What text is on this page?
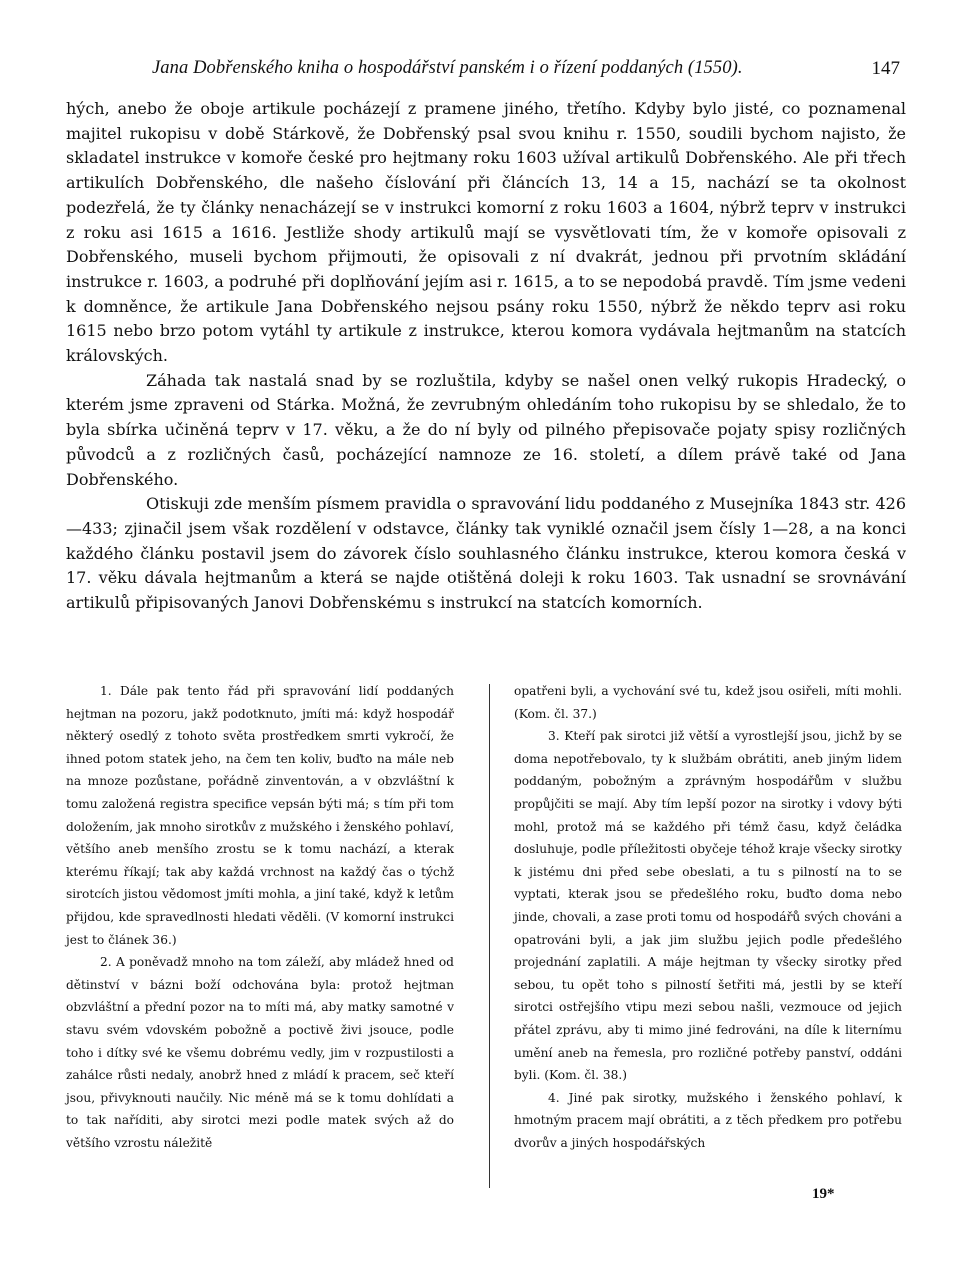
Jana Dobřenského kniha o hospodářství panském i o řízení poddaných (1550).	147

hých, anebo že oboje artikule pocházejí z pramene jiného, třetího. Kdyby bylo jisté, co poznamenal majitel rukopisu v době Stárkově, že Dobřenský psal svou knihu r. 1550, soudili bychom najisto, že skladatel instrukce v komoře české pro hejtmany roku 1603 užíval artikulů Dobřenského. Ale při třech artikulích Dobřenského, dle našeho číslování při článcích 13, 14 a 15, nachází se ta okolnost podezřelá, že ty články nenacházejí se v instrukci komorní z roku 1603 a 1604, nýbrž teprv v instrukci z roku asi 1615 a 1616. Jestliže shody artikulů mají se vysvětlovati tím, že v komoře opisovali z Dobřenského, museli bychom přijmouti, že opisovali z ní dvakrát, jednou při prvotním skládání instrukce r. 1603, a podruhé při doplňování jejím asi r. 1615, a to se nepodobá pravdě. Tím jsme vedeni k domněnce, že artikule Jana Dobřenského nejsou psány roku 1550, nýbrž že někdo teprv asi roku 1615 nebo brzo potom vytáhl ty artikule z instrukce, kterou komora vydávala hejtmanům na statcích královských.

Záhada tak nastalá snad by se rozluštila, kdyby se našel onen velký rukopis Hradecký, o kterém jsme zpraveni od Stárka. Možná, že zevrubným ohledáním toho rukopisu by se shledalo, že to byla sbírka učiněná teprv v 17. věku, a že do ní byly od pilného přepisovače pojaty spisy rozličných původců a z rozličných časů, pocházející namnoze ze 16. století, a dílem právě také od Jana Dobřenského.

Otiskuji zde menším písmem pravidla o spravování lidu poddaného z Musejníka 1843 str. 426—433; zjinačil jsem však rozdělení v odstavce, články tak vyniklé označil jsem čísly 1—28, a na konci každého článku postavil jsem do závorek číslo souhlasného článku instrukce, kterou komora česká v 17. věku dávala hejtmanům a která se najde otištěná doleji k roku 1603. Tak usnadní se srovnávání artikulů připisovaných Janovi Dobřenskému s instrukcí na statcích komorních.

1. Dále pak tento řád při spravování lidí poddaných hejtman na pozoru, jakž podotknuto, jmíti má: když hospodář některý osedlý z tohoto světa prostředkem smrti vykročí, že ihned potom statek jeho, na čem ten koliv, buďto na mále neb na mnoze pozůstane, pořádně zinventován, a v obzvláštní k tomu založená registra specifice vepsán býti má; s tím při tom doložením, jak mnoho sirotkův z mužského i ženského pohlaví, většího aneb menšího zrostu se k tomu nachází, a kterak kterému říkají; tak aby každá vrchnost na každý čas o týchž sirotcích jistou vědomost jmíti mohla, a jiní také, když k letům přijdou, kde spravedlnosti hledati věděli. (V komorní instrukci jest to článek 36.)

2. A poněvadž mnoho na tom záleží, aby mládež hned od dětinství v bázni boží odchována byla: protož hejtman obzvláštní a přední pozor na to míti má, aby matky samotné v stavu svém vdovském pobožně a poctivě živi jsouce, podle toho i dítky své ke všemu dobrému vedly, jim v rozpustilosti a zahálce růsti nedaly, anobrž hned z mládí k pracem, seč kteří jsou, přivyknouti naučily. Nic méně má se k tomu dohlídati a to tak naříditi, aby sirotci mezi podle matek svých až do většího vzrostu náležitě

opatřeni byli, a vychování své tu, kdež jsou osiřeli, míti mohli. (Kom. čl. 37.)

3. Kteří pak sirotci již větší a vyrostlejší jsou, jichž by se doma nepotřebovalo, ty k službám obrátiti, aneb jiným lidem poddaným, pobožným a zprávným hospodářům v službu propůjčiti se mají. Aby tím lepší pozor na sirotky i vdovy býti mohl, protož má se každého při témž času, když čeládka dosluhuje, podle příležitosti obyčeje téhož kraje všecky sirotky k jistému dni před sebe obeslati, a tu s pilností na to se vyptati, kterak jsou se předešlého roku, buďto doma nebo jinde, chovali, a zase proti tomu od hospodářů svých chováni a opatrováni byli, a jak jim službu jejich podle předešlého projednání zaplatili. A máje hejtman ty všecky sirotky před sebou, tu opět toho s pilností šetřiti má, jestli by se kteří sirotci ostřejšího vtipu mezi sebou našli, vezmouce od jejich přátel zprávu, aby ti mimo jiné fedrováni, na díle k liternímu umění aneb na řemesla, pro rozličné potřeby panství, oddáni byli. (Kom. čl. 38.)

4. Jiné pak sirotky, mužského i ženského pohlaví, k hmotným pracem mají obrátiti, a z těch předkem pro potřebu dvorův a jiných hospodářských

19*
